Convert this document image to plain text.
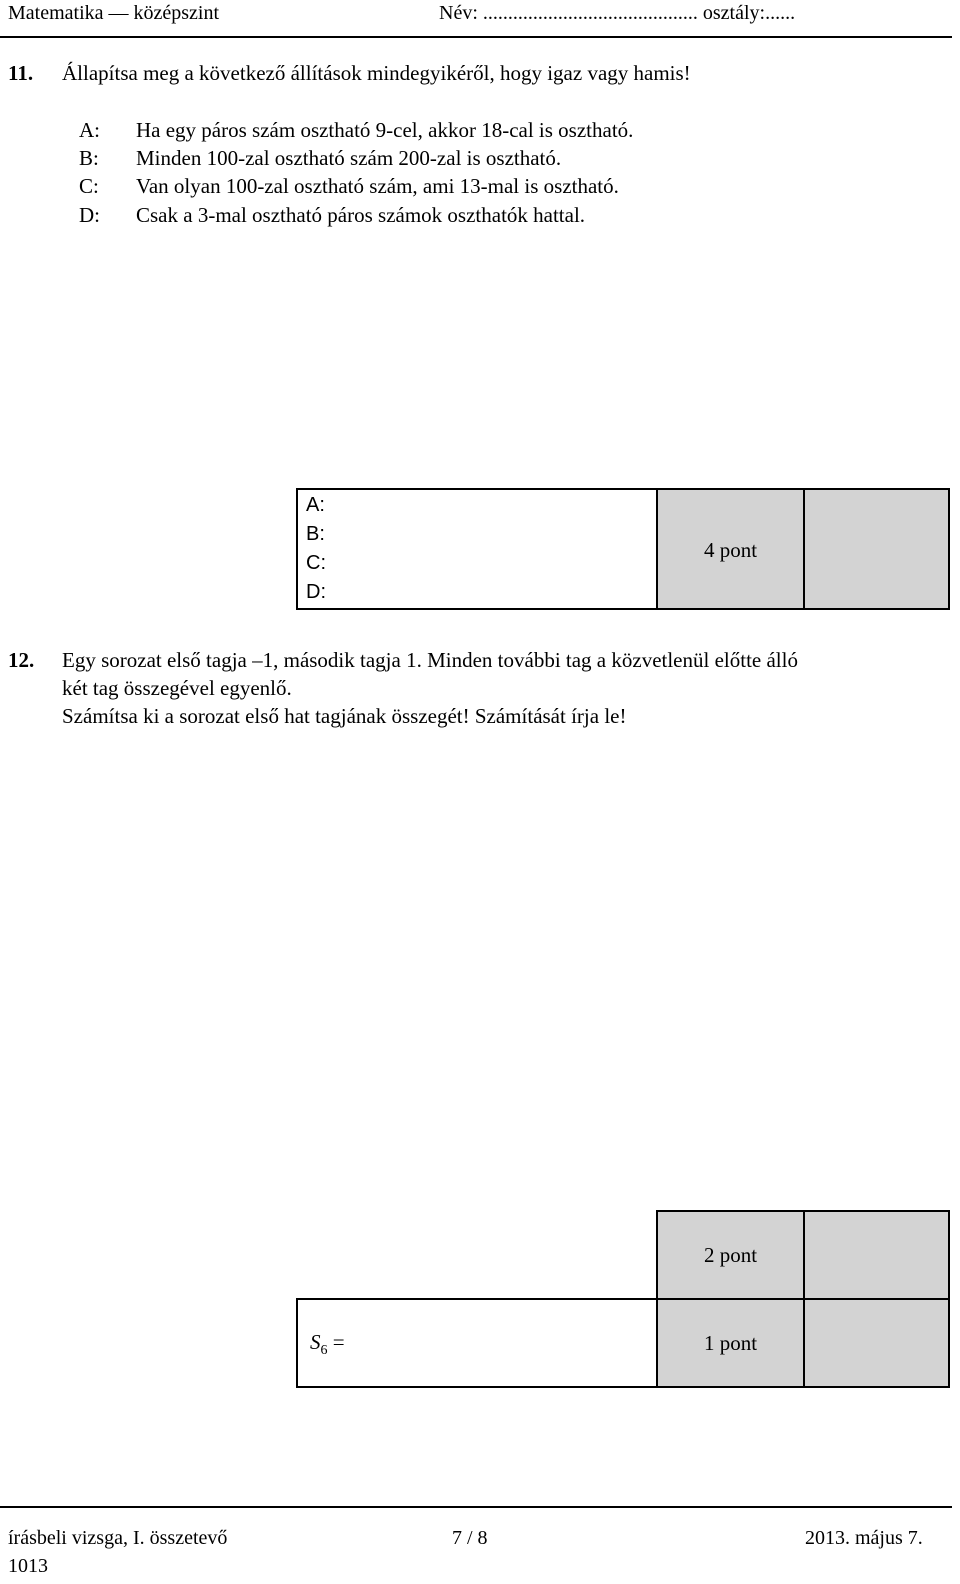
Matematika — középszint	Név: ........................................... osztály:......
11. Állapítsa meg a következő állítások mindegyikéről, hogy igaz vagy hamis!
A: Ha egy páros szám osztható 9-cel, akkor 18-cal is osztható.
B: Minden 100-zal osztható szám 200-zal is osztható.
C: Van olyan 100-zal osztható szám, ami 13-mal is osztható.
D: Csak a 3-mal osztható páros számok oszthatók hattal.
A:
B:
C:
D:
4 pont
12. Egy sorozat első tagja –1, második tagja 1. Minden további tag a közvetlenül előtte álló
két tag összegével egyenlő.
Számítsa ki a sorozat első hat tagjának összegét! Számítását írja le!
2 pont
$S_6$ =	1 pont
írásbeli vizsga, I. összetevő
1013
7 / 8	2013. május 7.
